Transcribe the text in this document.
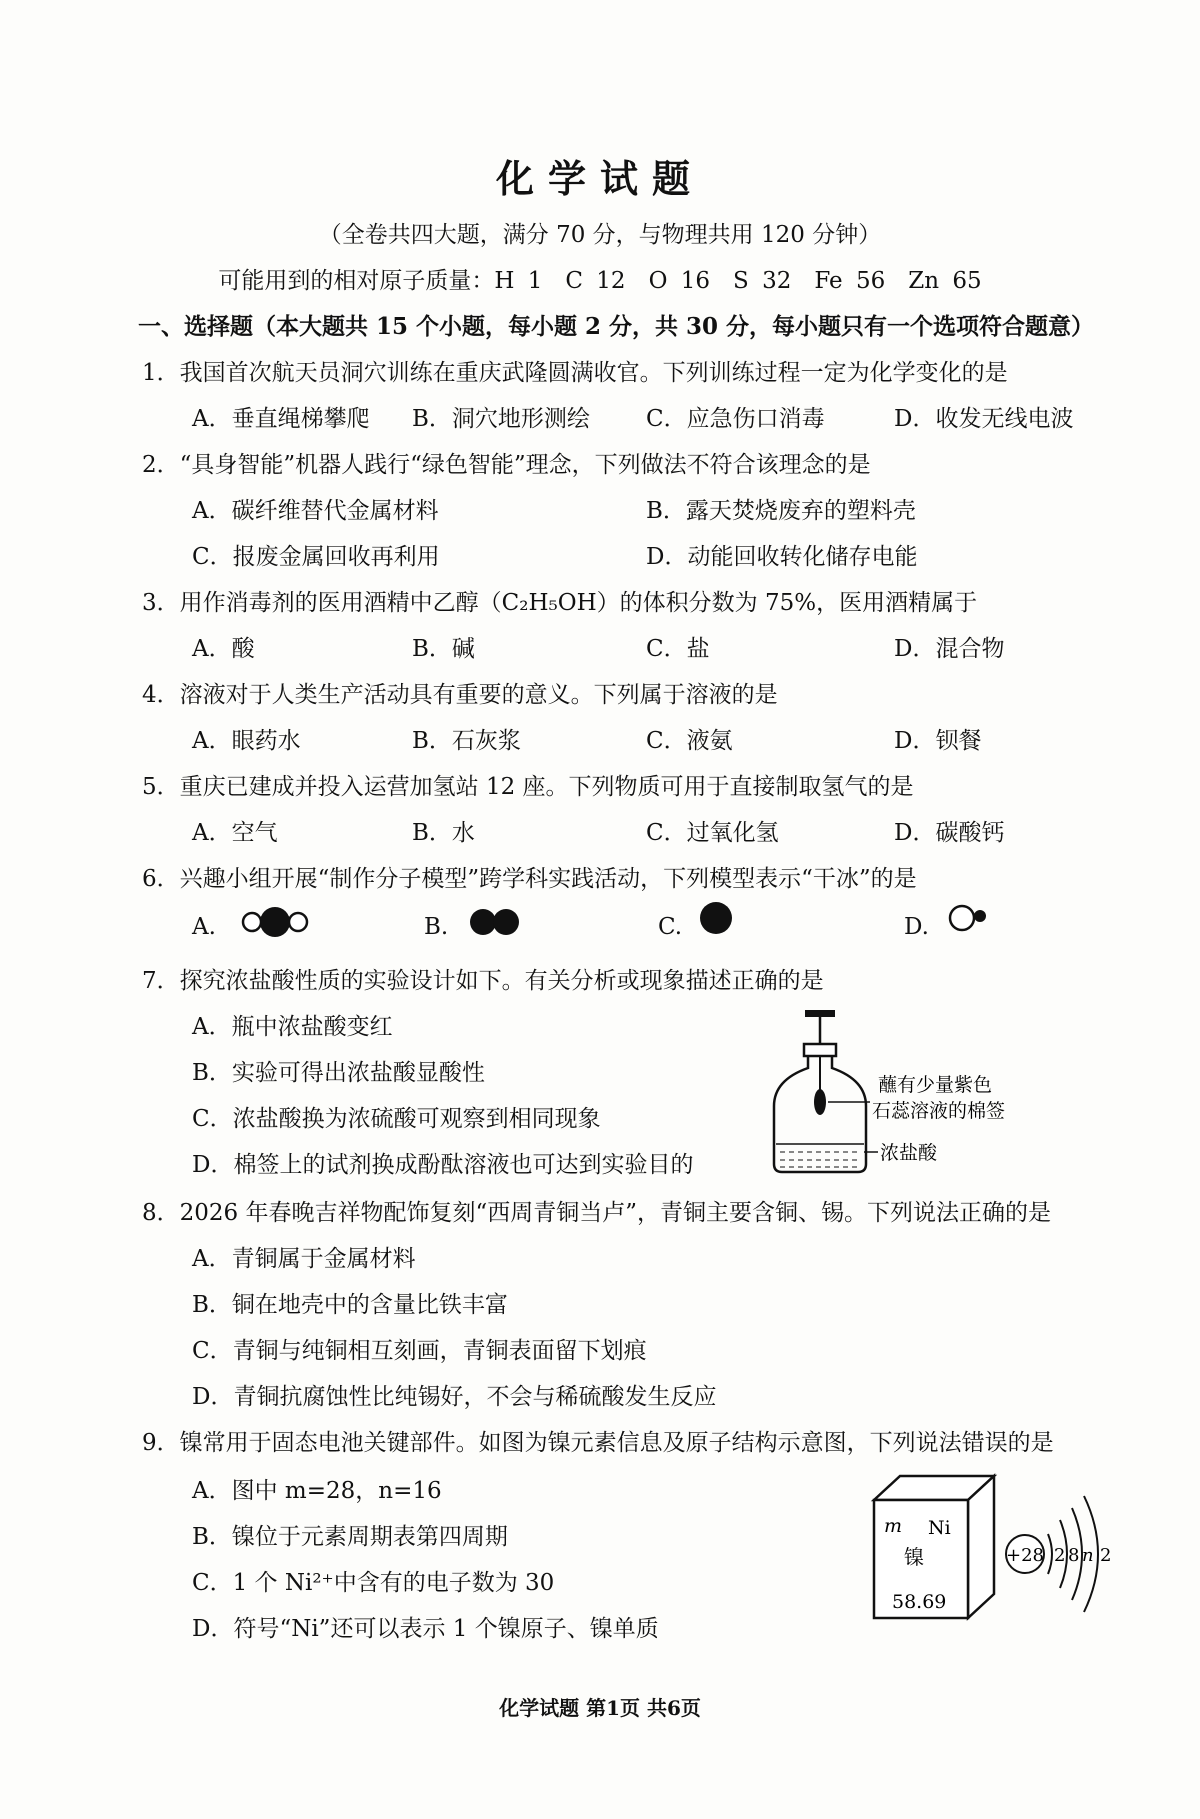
化学试题
（全卷共四大题，满分 70 分，与物理共用 120 分钟）
可能用到的相对原子质量：H 1　C 12　O 16　S 32　Fe 56　Zn 65
一、选择题（本大题共 15 个小题，每小题 2 分，共 30 分，每小题只有一个选项符合题意）
1．我国首次航天员洞穴训练在重庆武隆圆满收官。下列训练过程一定为化学变化的是
A．垂直绳梯攀爬 B．洞穴地形测绘 C．应急伤口消毒	D．收发无线电波
2．“具身智能”机器人践行“绿色智能”理念，下列做法不符合该理念的是
A．碳纤维替代金属材料	B．露天焚烧废弃的塑料壳
C．报废金属回收再利用	D．动能回收转化储存电能
3．用作消毒剂的医用酒精中乙醇（C₂H₅OH）的体积分数为 75%，医用酒精属于
A．酸	B．碱	C．盐	D．混合物
4．溶液对于人类生产活动具有重要的意义。下列属于溶液的是
A．眼药水	B．石灰浆	C．液氨	D．钡餐
5．重庆已建成并投入运营加氢站 12 座。下列物质可用于直接制取氢气的是
A．空气	B．水	C．过氧化氢	D．碳酸钙
6．兴趣小组开展“制作分子模型”跨学科实践活动，下列模型表示“干冰”的是
A.	B.	C.	D.
7．探究浓盐酸性质的实验设计如下。有关分析或现象描述正确的是
A．瓶中浓盐酸变红
B．实验可得出浓盐酸显酸性
C．浓盐酸换为浓硫酸可观察到相同现象
D．棉签上的试剂换成酚酞溶液也可达到实验目的
蘸有少量紫色
石蕊溶液的棉签
浓盐酸
8．2026 年春晚吉祥物配饰复刻“西周青铜当卢”，青铜主要含铜、锡。下列说法正确的是
A．青铜属于金属材料
B．铜在地壳中的含量比铁丰富
C．青铜与纯铜相互刻画，青铜表面留下划痕
D．青铜抗腐蚀性比纯锡好，不会与稀硫酸发生反应
9．镍常用于固态电池关键部件。如图为镍元素信息及原子结构示意图，下列说法错误的是
A．图中 m=28，n=16
B．镍位于元素周期表第四周期
C．1 个 Ni²⁺中含有的电子数为 30
D．符号“Ni”还可以表示 1 个镍原子、镍单质
m Ni
镍
58.69
+28 2 8 n 2
化学试题 第1页 共6页
